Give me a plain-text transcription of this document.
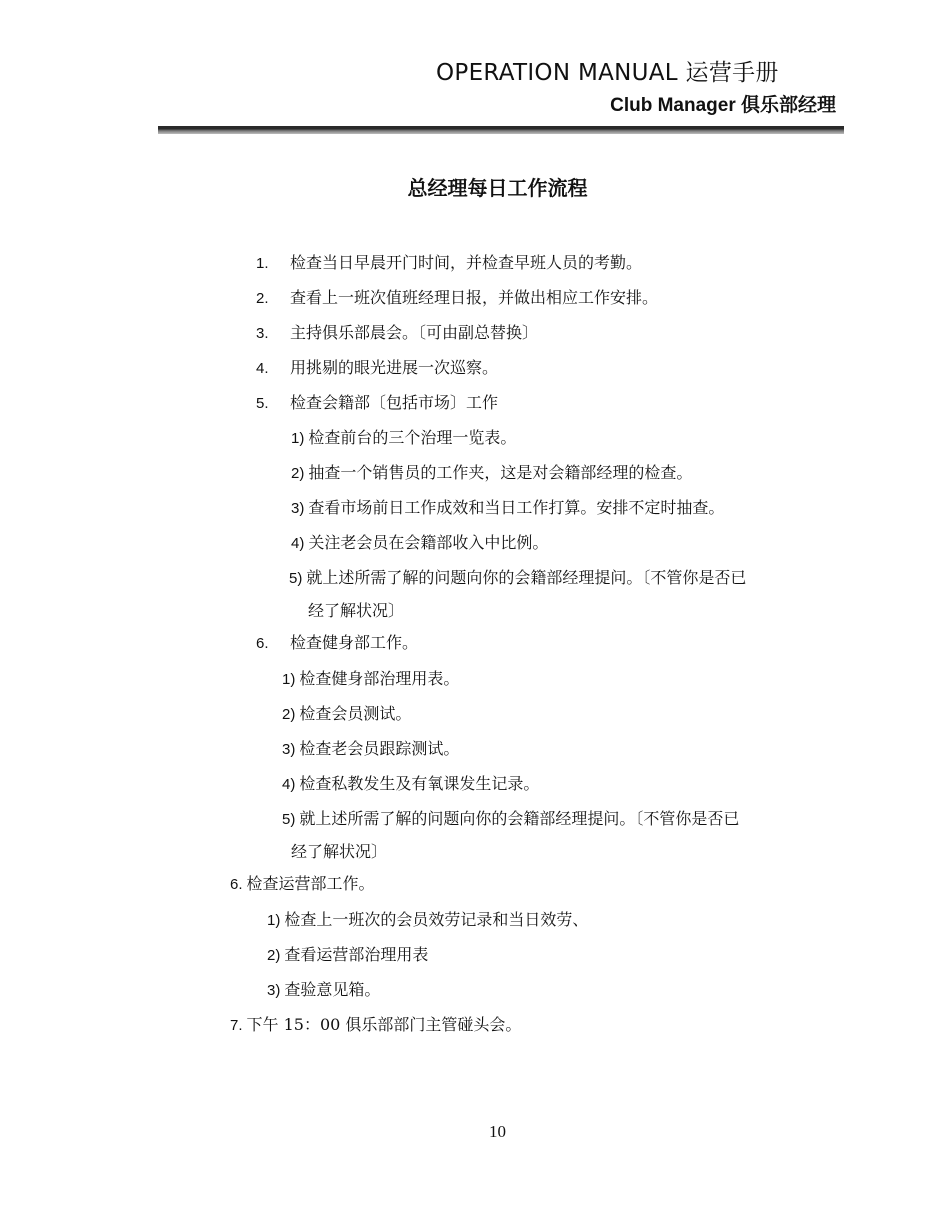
OPERATION MANUAL 运营手册
Club Manager 俱乐部经理
总经理每日工作流程
1. 检查当日早晨开门时间，并检查早班人员的考勤。
2. 查看上一班次值班经理日报，并做出相应工作安排。
3. 主持俱乐部晨会。〔可由副总替换〕
4. 用挑剔的眼光进展一次巡察。
5. 检查会籍部〔包括市场〕工作
1) 检查前台的三个治理一览表。
2) 抽查一个销售员的工作夹，这是对会籍部经理的检查。
3) 查看市场前日工作成效和当日工作打算。安排不定时抽查。
4) 关注老会员在会籍部收入中比例。
5) 就上述所需了解的问题向你的会籍部经理提问。〔不管你是否已
经了解状况〕
6. 检查健身部工作。
1) 检查健身部治理用表。
2) 检查会员测试。
3) 检查老会员跟踪测试。
4) 检查私教发生及有氧课发生记录。
5) 就上述所需了解的问题向你的会籍部经理提问。〔不管你是否已
经了解状况〕
6. 检查运营部工作。
1) 检查上一班次的会员效劳记录和当日效劳、
2) 查看运营部治理用表
3) 查验意见箱。
7. 下午 15：00 俱乐部部门主管碰头会。
10
